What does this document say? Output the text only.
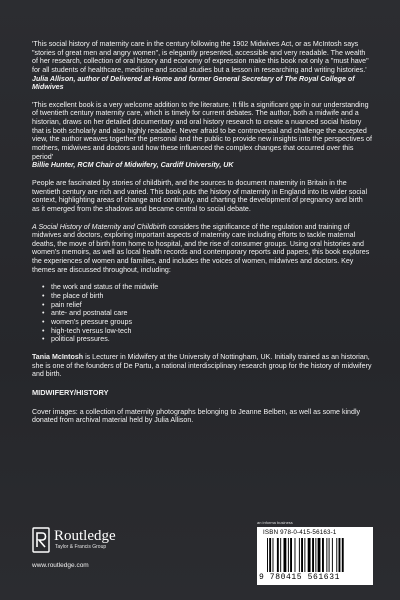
'This social history of maternity care in the century following the 1902 Midwives Act, or as McIntosh says "stories of great men and angry women", is elegantly presented, accessible and very readable. The wealth of her research, collection of oral history and economy of expression make this book not only a "must have" for all students of healthcare, medicine and social studies but a lesson in researching and writing histories.'

Julia Allison, author of Delivered at Home and former General Secretary of The Royal College of Midwives

'This excellent book is a very welcome addition to the literature. It fills a significant gap in our understanding of twentieth century maternity care, which is timely for current debates. The author, both a midwife and a historian, draws on her detailed documentary and oral history research to create a nuanced social history that is both scholarly and also highly readable. Never afraid to be controversial and challenge the accepted view, the author weaves together the personal and the public to provide new insights into the perspectives of mothers, midwives and doctors and how these influenced the complex changes that occurred over this period'

Billie Hunter, RCM Chair of Midwifery, Cardiff University, UK

People are fascinated by stories of childbirth, and the sources to document maternity in Britain in the twentieth century are rich and varied. This book puts the history of maternity in England into its wider social context, highlighting areas of change and continuity, and charting the development of pregnancy and birth as it emerged from the shadows and became central to social debate.

A Social History of Maternity and Childbirth considers the significance of the regulation and training of midwives and doctors, exploring important aspects of maternity care including efforts to tackle maternal deaths, the move of birth from home to hospital, and the rise of consumer groups. Using oral histories and women's memoirs, as well as local health records and contemporary reports and papers, this book explores the experiences of women and families, and includes the voices of women, midwives and doctors. Key themes are discussed throughout, including:

• the work and status of the midwife
• the place of birth
• pain relief
• ante- and postnatal care
• women's pressure groups
• high-tech versus low-tech
• political pressures.

Tania McIntosh is Lecturer in Midwifery at the University of Nottingham, UK. Initially trained as an historian, she is one of the founders of De Partu, a national interdisciplinary research group for the history of midwifery and birth.

MIDWIFERY/HISTORY

Cover images: a collection of maternity photographs belonging to Jeanne Belben, as well as some kindly donated from archival material held by Julia Allison.

Routledge
Taylor & Francis Group
www.routledge.com
an informa business
ISBN 978-0-415-56163-1
9 780415 561631
